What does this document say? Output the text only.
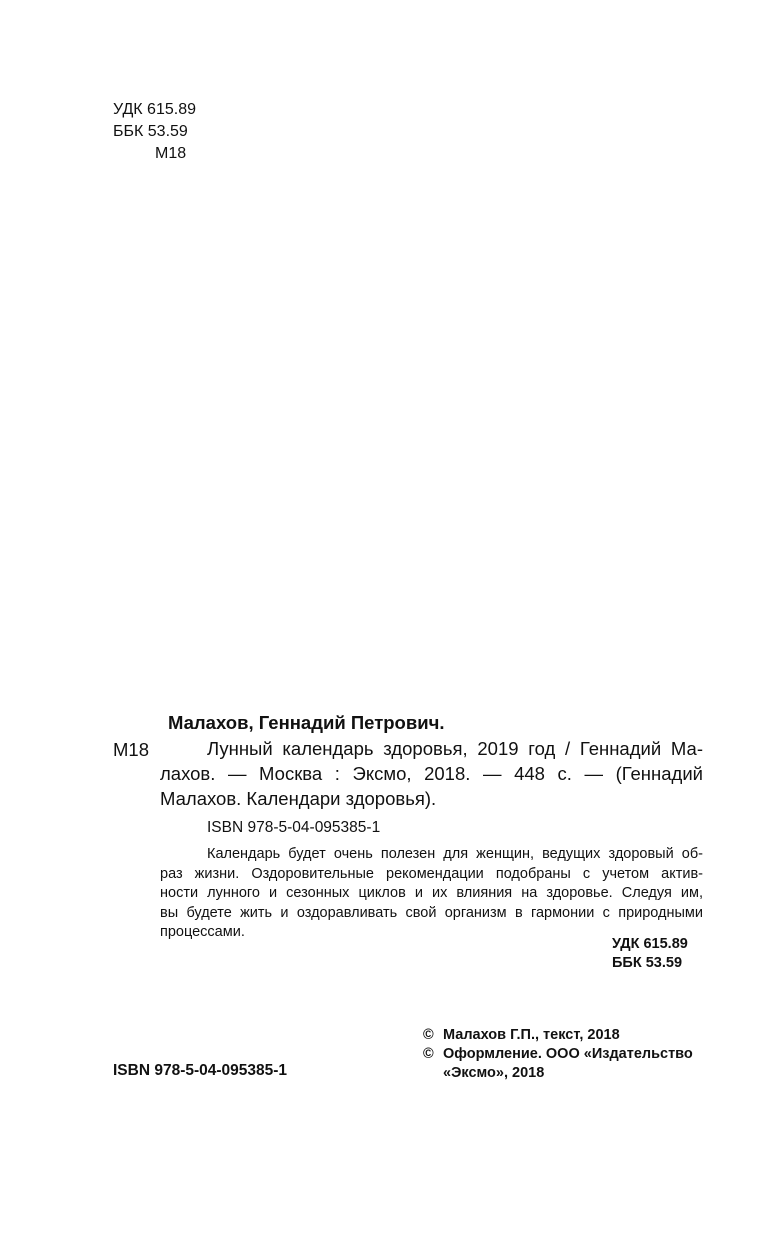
УДК 615.89
ББК 53.59
М18
Малахов, Геннадий Петрович.
М18	Лунный календарь здоровья, 2019 год / Геннадий Ма-
лахов. — Москва : Эксмо, 2018. — 448 с. — (Геннадий
Малахов. Календари здоровья).
ISBN 978-5-04-095385-1
Календарь будет очень полезен для женщин, ведущих здоровый об-
раз жизни. Оздоровительные рекомендации подобраны с учетом актив-
ности лунного и сезонных циклов и их влияния на здоровье. Следуя им,
вы будете жить и оздоравливать свой организм в гармонии с природными
процессами.
УДК 615.89
ББК 53.59
ISBN 978-5-04-095385-1
© Малахов Г.П., текст, 2018
© Оформление. ООО «Издательство
«Эксмо», 2018
